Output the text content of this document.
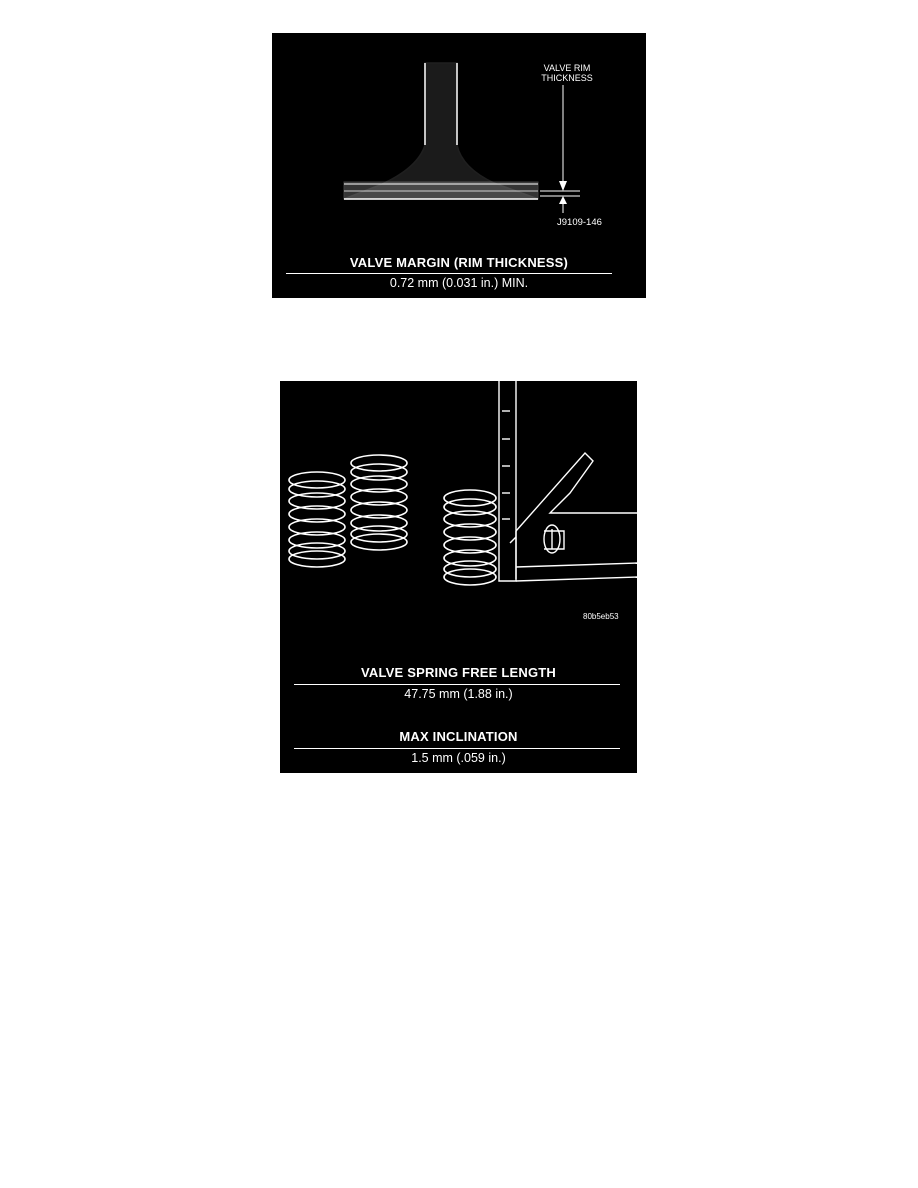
VALVE RIM
THICKNESS
J9109-146
VALVE MARGIN (RIM THICKNESS)
0.72 mm (0.031 in.) MIN.
80b5eb53
VALVE SPRING FREE LENGTH
47.75 mm (1.88 in.)
MAX INCLINATION
1.5 mm (.059 in.)
